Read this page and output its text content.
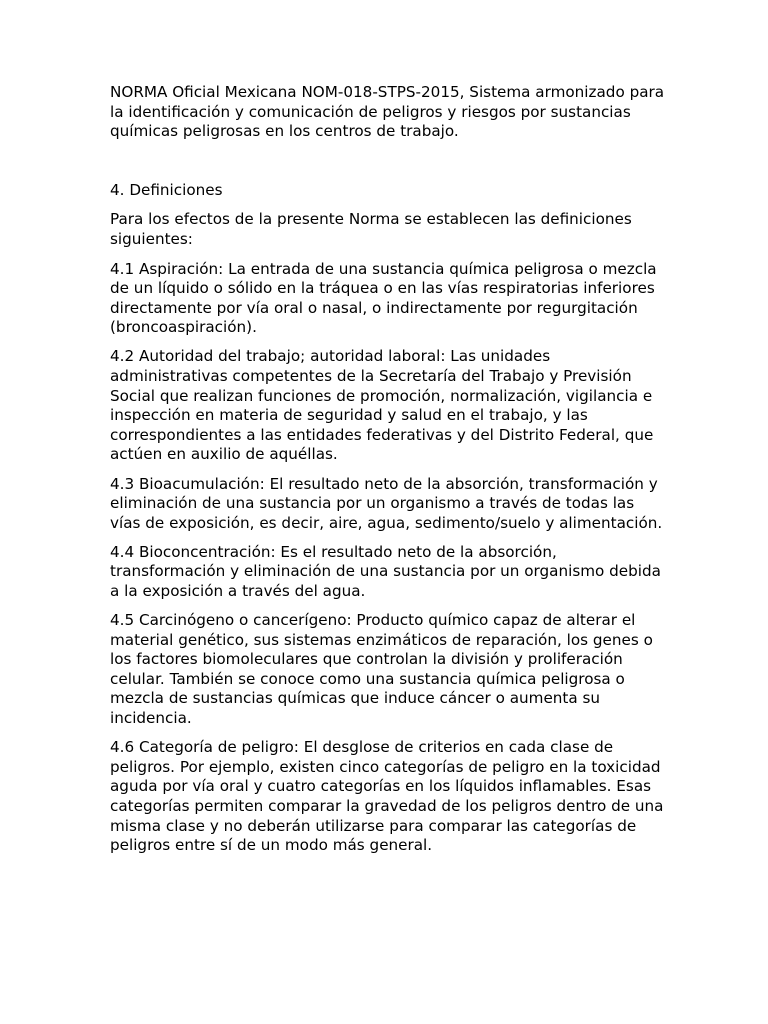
NORMA Oficial Mexicana NOM-018-STPS-2015, Sistema armonizado para la identificación y comunicación de peligros y riesgos por sustancias químicas peligrosas en los centros de trabajo.

4. Definiciones

Para los efectos de la presente Norma se establecen las definiciones siguientes:

4.1 Aspiración: La entrada de una sustancia química peligrosa o mezcla de un líquido o sólido en la tráquea o en las vías respiratorias inferiores directamente por vía oral o nasal, o indirectamente por regurgitación (broncoaspiración).

4.2 Autoridad del trabajo; autoridad laboral: Las unidades administrativas competentes de la Secretaría del Trabajo y Previsión Social que realizan funciones de promoción, normalización, vigilancia e inspección en materia de seguridad y salud en el trabajo, y las correspondientes a las entidades federativas y del Distrito Federal, que actúen en auxilio de aquéllas.

4.3 Bioacumulación: El resultado neto de la absorción, transformación y eliminación de una sustancia por un organismo a través de todas las vías de exposición, es decir, aire, agua, sedimento/suelo y alimentación.

4.4 Bioconcentración: Es el resultado neto de la absorción, transformación y eliminación de una sustancia por un organismo debida a la exposición a través del agua.

4.5 Carcinógeno o cancerígeno: Producto químico capaz de alterar el material genético, sus sistemas enzimáticos de reparación, los genes o los factores biomoleculares que controlan la división y proliferación celular. También se conoce como una sustancia química peligrosa o mezcla de sustancias químicas que induce cáncer o aumenta su incidencia.

4.6 Categoría de peligro: El desglose de criterios en cada clase de peligros. Por ejemplo, existen cinco categorías de peligro en la toxicidad aguda por vía oral y cuatro categorías en los líquidos inflamables. Esas categorías permiten comparar la gravedad de los peligros dentro de una misma clase y no deberán utilizarse para comparar las categorías de peligros entre sí de un modo más general.
